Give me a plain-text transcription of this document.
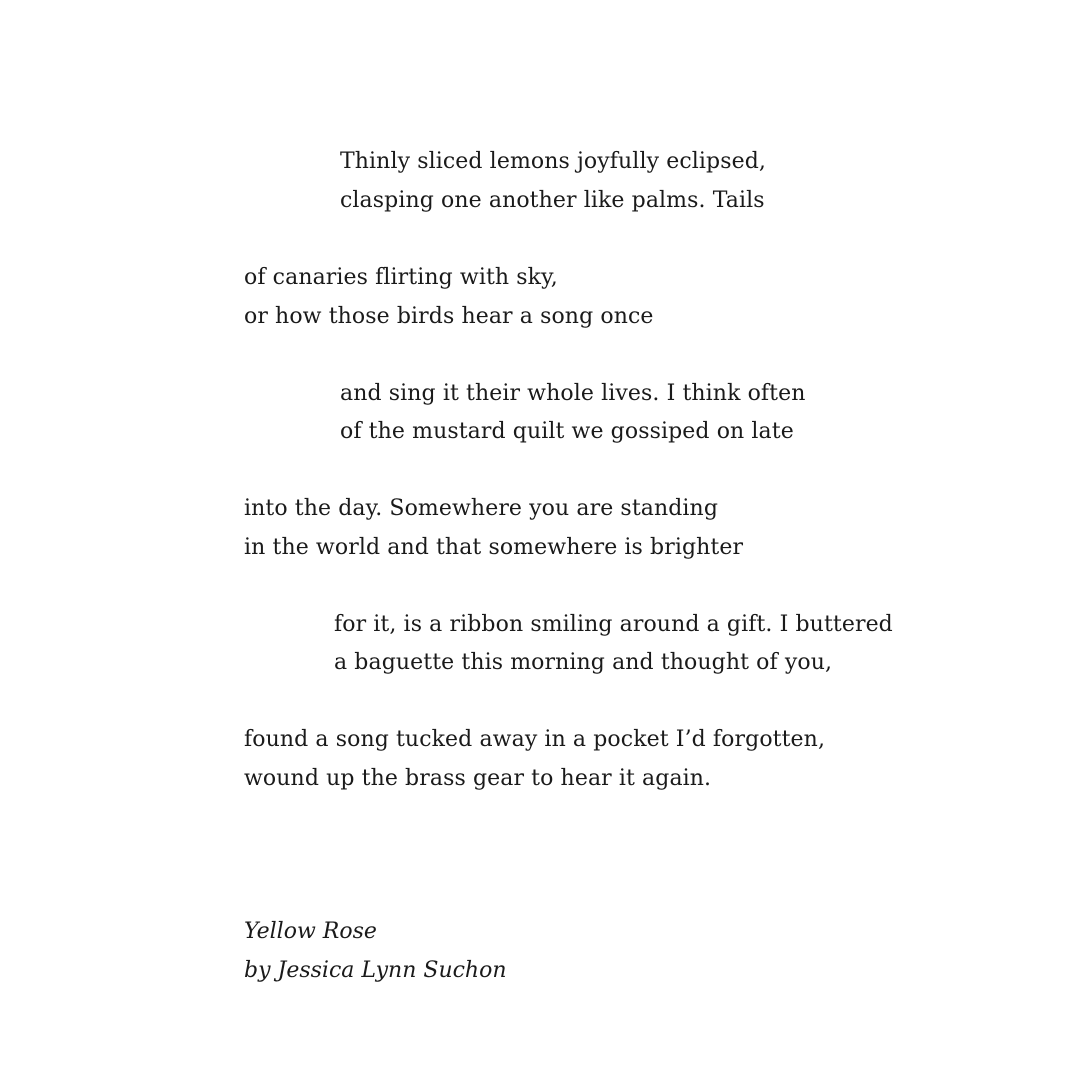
Thinly sliced lemons joyfully eclipsed,
clasping one another like palms. Tails
of canaries flirting with sky,
or how those birds hear a song once
and sing it their whole lives. I think often
of the mustard quilt we gossiped on late
into the day. Somewhere you are standing
in the world and that somewhere is brighter
for it, is a ribbon smiling around a gift. I buttered
a baguette this morning and thought of you,
found a song tucked away in a pocket I’d forgotten,
wound up the brass gear to hear it again.
Yellow Rose
by Jessica Lynn Suchon
